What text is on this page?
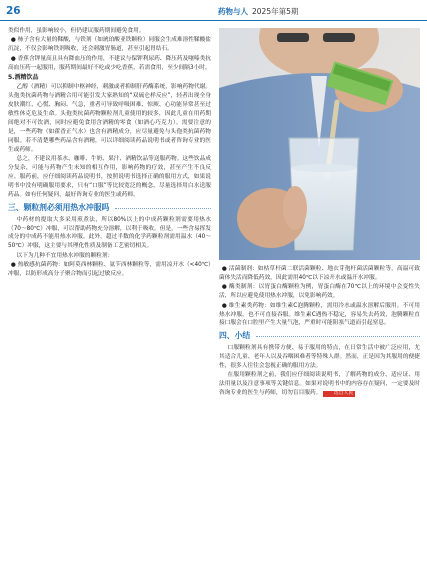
26	药物与人 2025年第5期

类似作用，虽影响较小，但仍建议服药期间避免食用。

● 柿子含有大量的鞣酸，与铁剂（如琥珀酸亚铁颗粒）同服会生成难溶性鞣酸盐沉淀，不仅会影响铁剂吸收，还会刺激胃肠道，甚至引起胃结石。

● 香蕉含钾量高且具有降血压的作用，不建议与保钾利尿药、降压药及噻嗪类抗高血压药一起服用，服药期间最好不吃或少吃香蕉，若需食用，至少间隔3小时。

5.酒精饮品

乙醇（酒精）可以抑制中枢神经，刺激或者抑制肝药酶系统，影响药物代谢。头孢类抗菌药物与酒精合用可能引发大家熟知的“双硫仑样反应”，轻者出现全身皮肤潮红、心慌、胸闷、气急，重者可导致呼吸困难、惊厥、心功能异常甚至过敏性休克危及生命。头孢类抗菌药物颗粒剂儿童使用的较多，因此儿童在用药期间绝对不可饮酒，同时应避免食用含酒精的零食（如酒心巧克力）。需要注意的是，一些药物（如藿香正气水）也含有酒精成分，应尽量避免与头孢类抗菌药物同服。若不清楚哪些药品含有酒精，可以详细阅读药品说明书或者咨询专业的医生或药师。

总之，不建议用茶水、咖啡、牛奶、果汁、酒精饮品等送服药物。这些饮品成分复杂，可能与药物产生未知的相互作用，影响药物的疗效，甚至产生不良反应。服药前，应仔细阅读药品说明书，按照说明书选择正确的服用方式，如果说明书中没有明确服用要求，只有“口服”等比较宽泛的概念，尽量选择用白水送服药品。如有任何疑问，最好咨询专业的医生或药师。

三、颗粒剂必须用热水冲服吗

中药材的提取大多采用煎煮法，所以80%以上的中成药颗粒剂需要用热水（70～80℃）冲服，可以帮助药物充分溶解，以利于吸收。但是，一些含易挥发成分的中成药不能用热水冲服。此外，超过半数的化学药颗粒剂需用温水（40～50℃）冲服，这主要与其理化性质及制备工艺密切相关。

以下为几种不宜用热水冲服的颗粒剂：

● 热敏感抗菌药物：如阿莫西林颗粒、氨苄西林颗粒等，需用凉开水（<40℃）冲服，以防形成高分子聚合物而引起过敏反应。

● 活菌制剂：如枯草杆菌二联活菌颗粒、地衣芽孢杆菌活菌颗粒等，高温可致菌体失活而降低药效，因此需用40℃以下凉开水或温开水冲服。

● 酶类制剂：以胃蛋白酶颗粒为例，胃蛋白酶在70℃以上的环境中会变性失活，所以应避免使用热水冲服，以免影响药效。

● 维生素类药物：如维生素C泡腾颗粒，需用冷水或温水溶解后服用。不可用热水冲服，也不可直接吞服。维生素C遇热不稳定，容易失去药效，泡腾颗粒直接口服会在口腔里产生大量气泡，严重时可能阻塞气道而引起窒息。

四、小结

口服颗粒剂具有携带方便、易于服用的特点，在日常生活中被广泛应用，尤其适合儿童、老年人以及吞咽困难者等特殊人群。然而，正是因为其服用的便捷性，很多人往往会忽视正确的服用方法。

在服用颗粒剂之前，我们应仔细阅读说明书，了解药物的成分、适应证、用法用量以及注意事项等关键信息。如果对说明书中的内容存在疑问，一定要及时咨询专业的医生与药师，切勿盲目服药。	选自人民
